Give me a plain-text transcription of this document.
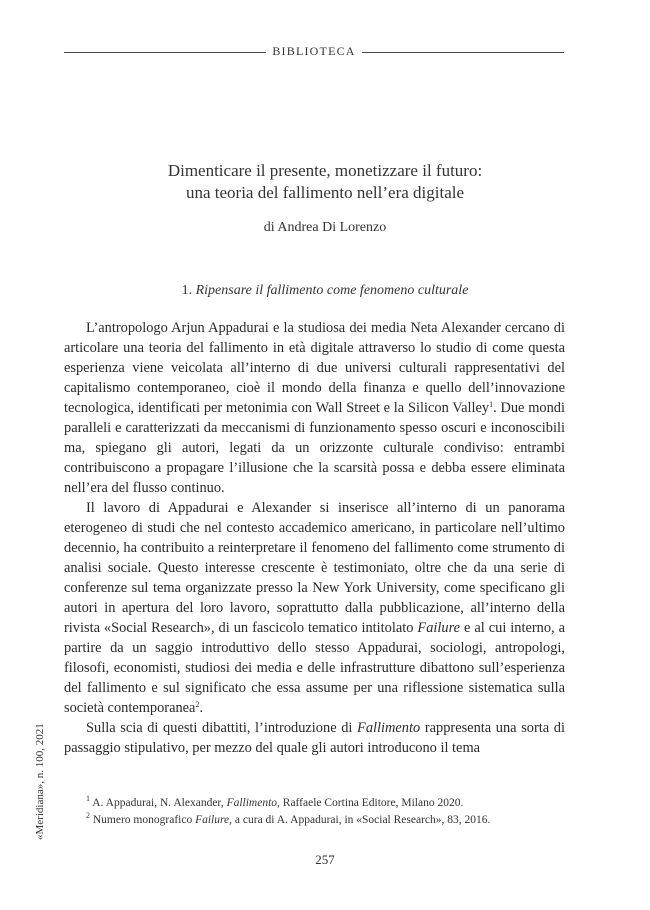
BIBLIOTECA
Dimenticare il presente, monetizzare il futuro:
una teoria del fallimento nell’era digitale
di Andrea Di Lorenzo
1. Ripensare il fallimento come fenomeno culturale

L’antropologo Arjun Appadurai e la studiosa dei media Neta Alexander cercano di articolare una teoria del fallimento in età digitale attraverso lo studio di come questa esperienza viene veicolata all’interno di due universi culturali rappresentativi del capitalismo contemporaneo, cioè il mondo della finanza e quello dell’innovazione tecnologica, identificati per metonimia con Wall Street e la Silicon Valley$^1$. Due mondi paralleli e caratterizzati da meccanismi di funzionamento spesso oscuri e inconoscibili ma, spiegano gli autori, legati da un orizzonte culturale condiviso: entrambi contribuiscono a propagare l’illusione che la scarsità possa e debba essere eliminata nell’era del flusso continuo.

Il lavoro di Appadurai e Alexander si inserisce all’interno di un panorama eterogeneo di studi che nel contesto accademico americano, in particolare nell’ultimo decennio, ha contribuito a reinterpretare il fenomeno del fallimento come strumento di analisi sociale. Questo interesse crescente è testimoniato, oltre che da una serie di conferenze sul tema organizzate presso la New York University, come specificano gli autori in apertura del loro lavoro, soprattutto dalla pubblicazione, all’interno della rivista «Social Research», di un fascicolo tematico intitolato Failure e al cui interno, a partire da un saggio introduttivo dello stesso Appadurai, sociologi, antropologi, filosofi, economisti, studiosi dei media e delle infrastrutture dibattono sull’esperienza del fallimento e sul significato che essa assume per una riflessione sistematica sulla società contemporanea$^2$.

Sulla scia di questi dibattiti, l’introduzione di Fallimento rappresenta una sorta di passaggio stipulativo, per mezzo del quale gli autori introducono il tema

$^1$ A. Appadurai, N. Alexander, Fallimento, Raffaele Cortina Editore, Milano 2020.
$^2$ Numero monografico Failure, a cura di A. Appadurai, in «Social Research», 83, 2016.
257
«Meridiana», n. 100, 2021
